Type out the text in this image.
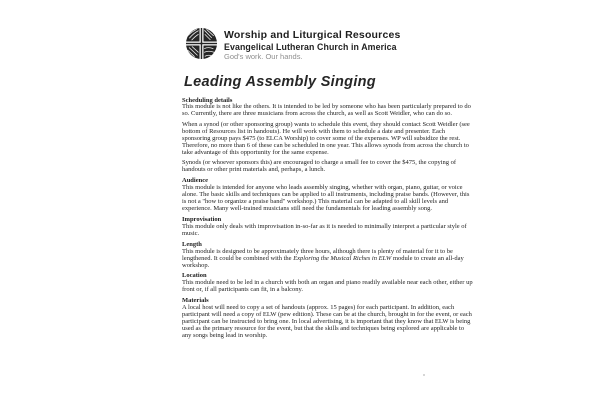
Worship and Liturgical Resources
Evangelical Lutheran Church in America
God's work. Our hands.
Leading Assembly Singing
Scheduling details

This module is not like the others. It is intended to be led by someone who has been particularly prepared to do so. Currently, there are three musicians from across the church, as well as Scott Weidler, who can do so.

When a synod (or other sponsoring group) wants to schedule this event, they should contact Scott Weidler (see bottom of Resources list in handouts). He will work with them to schedule a date and presenter. Each sponsoring group pays $475 (to ELCA Worship) to cover some of the expenses. WP will subsidize the rest. Therefore, no more than 6 of these can be scheduled in one year. This allows synods from across the church to take advantage of this opportunity for the same expense.

Synods (or whoever sponsors this) are encouraged to charge a small fee to cover the $475, the copying of handouts or other print materials and, perhaps, a lunch.

Audience

This module is intended for anyone who leads assembly singing, whether with organ, piano, guitar, or voice alone. The basic skills and techniques can be applied to all instruments, including praise bands. (However, this is not a "how to organize a praise band" workshop.) This material can be adapted to all skill levels and experience. Many well-trained musicians still need the fundamentals for leading assembly song.

Improvisation

This module only deals with improvisation in-so-far as it is needed to minimally interpret a particular style of music.

Length

This module is designed to be approximately three hours, although there is plenty of material for it to be lengthened. It could be combined with the Exploring the Musical Riches in ELW module to create an all-day workshop.

Location

This module need to be led in a church with both an organ and piano readily available near each other, either up front or, if all participants can fit, in a balcony.

Materials

A local host will need to copy a set of handouts (approx. 15 pages) for each participant. In addition, each participant will need a copy of ELW (pew edition). These can be at the church, brought in for the event, or each participant can be instructed to bring one. In local advertising, it is important that they know that ELW is being used as the primary resource for the event, but that the skills and techniques being explored are applicable to any songs being lead in worship.
